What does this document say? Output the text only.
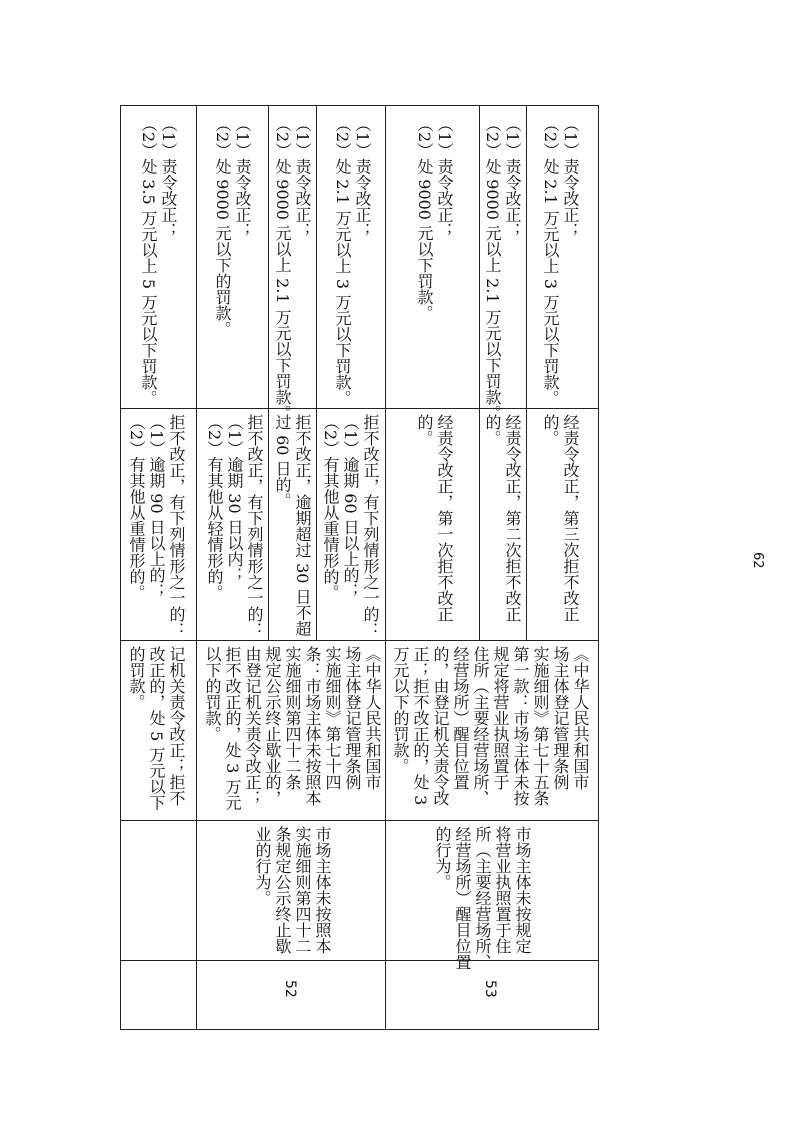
记机关责令改正；拒不
改正的，处 5 万元以下
的罚款。
拒不改正，有下列情形之一的：
（1）逾期 90 日以上的；
（2）有其他从重情形的。
（1）责令改正；
（2）处 3.5 万元以上 5 万元以下罚款。
52
市场主体未按照本
实施细则第四十二
条规定公示终止歇
业的行为。
《中华人民共和国市
场主体登记管理条例
实施细则》第七十四
条：市场主体未按照本
实施细则第四十二条
规定公示终止歇业的，
由登记机关责令改正；
拒不改正的，处 3 万元
以下的罚款。
拒不改正，有下列情形之一的：
（1）逾期 30 日以内；
（2）有其他从轻情形的。
（1）责令改正；
（2）处 9000 元以下的罚款。
拒不改正，逾期超过 30 日不超
过 60 日的。
（1）责令改正；
（2）处 9000 元以上 2.1 万元以下罚款。
拒不改正，有下列情形之一的：
（1）逾期 60 日以上的；
（2）有其他从重情形的。
（1）责令改正；
（2）处 2.1 万元以上 3 万元以下罚款。
53
市场主体未按规定
将营业执照置于住
所（主要经营场所、
经营场所）醒目位置
的行为。
《中华人民共和国市
场主体登记管理条例
实施细则》第七十五条
第一款：市场主体未按
规定将营业执照置于
住所（主要经营场所、
经营场所）醒目位置
的，由登记机关责令改
正；拒不改正的，处 3
万元以下的罚款。
经责令改正，第一次拒不改正
的。
（1）责令改正；
（2）处 9000 元以下罚款。
经责令改正，第二次拒不改正
的。
（1）责令改正；
（2）处 9000 元以上 2.1 万元以下罚款。
经责令改正，第三次拒不改正
的。
（1）责令改正；
（2）处 2.1 万元以上 3 万元以下罚款。
62
